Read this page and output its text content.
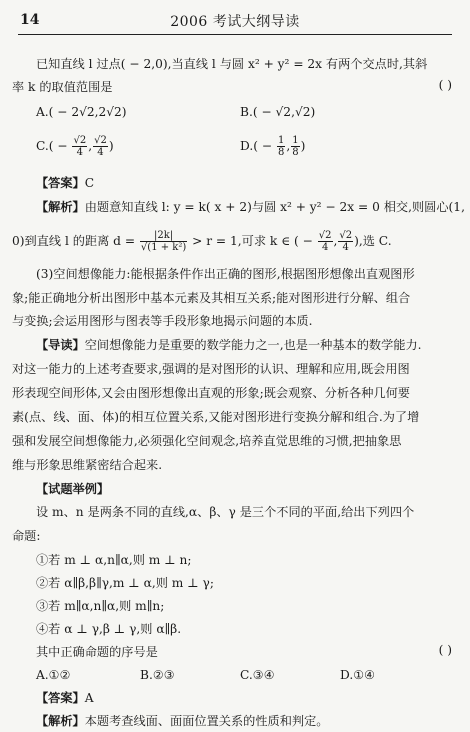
14	2006 考试大纲导读
已知直线 l 过点( − 2,0),当直线 l 与圆 x² + y² = 2x 有两个交点时,其斜
率 k 的取值范围是	( )
A.( − 2√2,2√2)	B.( − √2,√2)
$C.( - \frac{√2}{4}$ , $\frac{√2}{4}$ )	$D.( - \frac{1}{8}$ , $\frac{1}{8}$ )
【答案】C
【解析】由题意知直线 l: y = k( x + 2)与圆 x² + y² − 2x = 0 相交,则圆心(1,
0)到直线 l 的距离 $d = \frac{|2k|}{\text{√(1 + k²)}} > r = 1$,可求 k ∈ ( − $\frac{√2}{4}$ , $\frac{√2}{4}$ ),选 C.
(3)空间想像能力:能根据条件作出正确的图形,根据图形想像出直观图形
象;能正确地分析出图形中基本元素及其相互关系;能对图形进行分解、组合
与变换;会运用图形与图表等手段形象地揭示问题的本质.
【导读】空间想像能力是重要的数学能力之一,也是一种基本的数学能力.
对这一能力的上述考查要求,强调的是对图形的认识、理解和应用,既会用图
形表现空间形体,又会由图形想像出直观的形象;既会观察、分析各种几何要
素(点、线、面、体)的相互位置关系,又能对图形进行变换分解和组合.为了增
强和发展空间想像能力,必须强化空间观念,培养直觉思维的习惯,把抽象思
维与形象思维紧密结合起来.
【试题举例】
设 m、n 是两条不同的直线,α、β、γ 是三个不同的平面,给出下列四个
命题:
①若 m ⊥ α,n∥α,则 m ⊥ n;
②若 α∥β,β∥γ,m ⊥ α,则 m ⊥ γ;
③若 m∥α,n∥α,则 m∥n;
④若 α ⊥ γ,β ⊥ γ,则 α∥β.
其中正确命题的序号是	( )
A.①②	B.②③	C.③④	D.①④
【答案】A
【解析】本题考查线面、面面位置关系的性质和判定。
